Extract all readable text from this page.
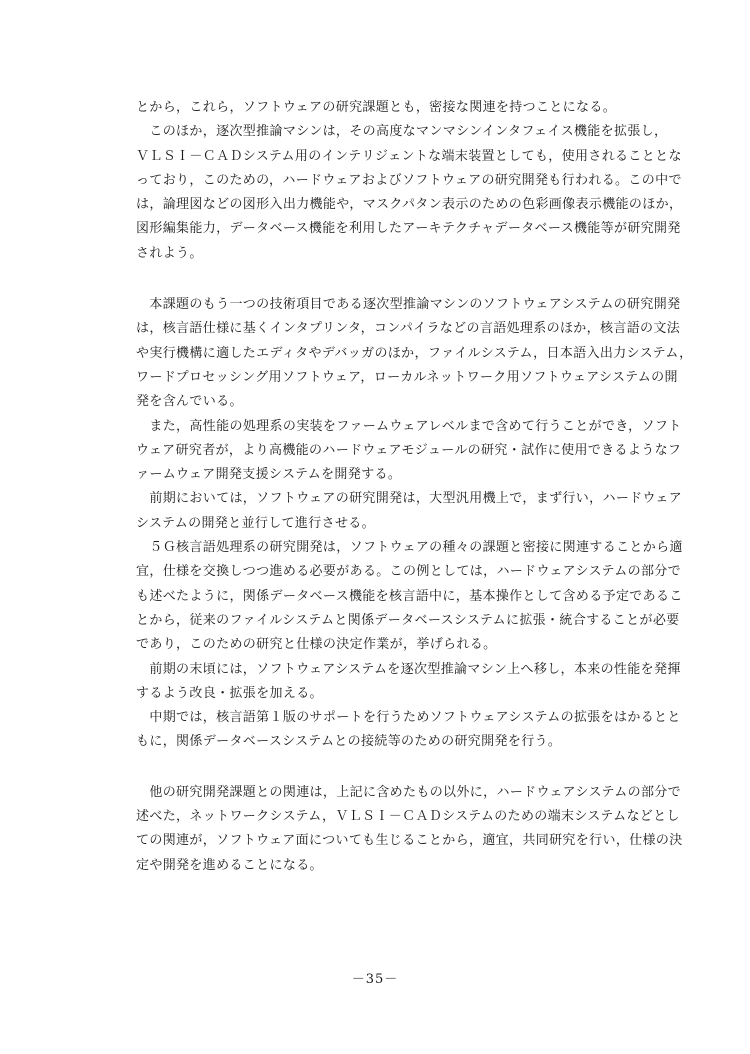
とから，これら，ソフトウェアの研究課題とも，密接な関連を持つことになる。
　このほか，逐次型推論マシンは，その高度なマンマシンインタフェイス機能を拡張し，
ＶＬＳＩ－ＣＡＤシステム用のインテリジェントな端末装置としても，使用されることとな
っており，このための，ハードウェアおよびソフトウェアの研究開発も行われる。この中で
は，論理図などの図形入出力機能や，マスクパタン表示のための色彩画像表示機能のほか，
図形編集能力，データベース機能を利用したアーキテクチャデータベース機能等が研究開発
されよう。
　本課題のもう一つの技術項目である逐次型推論マシンのソフトウェアシステムの研究開発
は，核言語仕様に基くインタプリンタ，コンパイラなどの言語処理系のほか，核言語の文法
や実行機構に適したエディタやデバッガのほか，ファイルシステム，日本語入出力システム，
ワードプロセッシング用ソフトウェア，ローカルネットワーク用ソフトウェアシステムの開
発を含んでいる。
　また，高性能の処理系の実装をファームウェアレベルまで含めて行うことができ，ソフト
ウェア研究者が，より高機能のハードウェアモジュールの研究・試作に使用できるようなフ
ァームウェア開発支援システムを開発する。
　前期においては，ソフトウェアの研究開発は，大型汎用機上で，まず行い，ハードウェア
システムの開発と並行して進行させる。
　５Ｇ核言語処理系の研究開発は，ソフトウェアの種々の課題と密接に関連することから適
宜，仕様を交換しつつ進める必要がある。この例としては，ハードウェアシステムの部分で
も述べたように，関係データベース機能を核言語中に，基本操作として含める予定であるこ
とから，従来のファイルシステムと関係データベースシステムに拡張・統合することが必要
であり，このための研究と仕様の決定作業が，挙げられる。
　前期の末頃には，ソフトウェアシステムを逐次型推論マシン上へ移し，本来の性能を発揮
するよう改良・拡張を加える。
　中期では，核言語第１版のサポートを行うためソフトウェアシステムの拡張をはかるとと
もに，関係データベースシステムとの接続等のための研究開発を行う。
　他の研究開発課題との関連は，上記に含めたもの以外に，ハードウェアシステムの部分で
述べた，ネットワークシステム，ＶＬＳＩ－ＣＡＤシステムのための端末システムなどとし
ての関連が，ソフトウェア面についても生じることから，適宜，共同研究を行い，仕様の決
定や開発を進めることになる。
－35－
